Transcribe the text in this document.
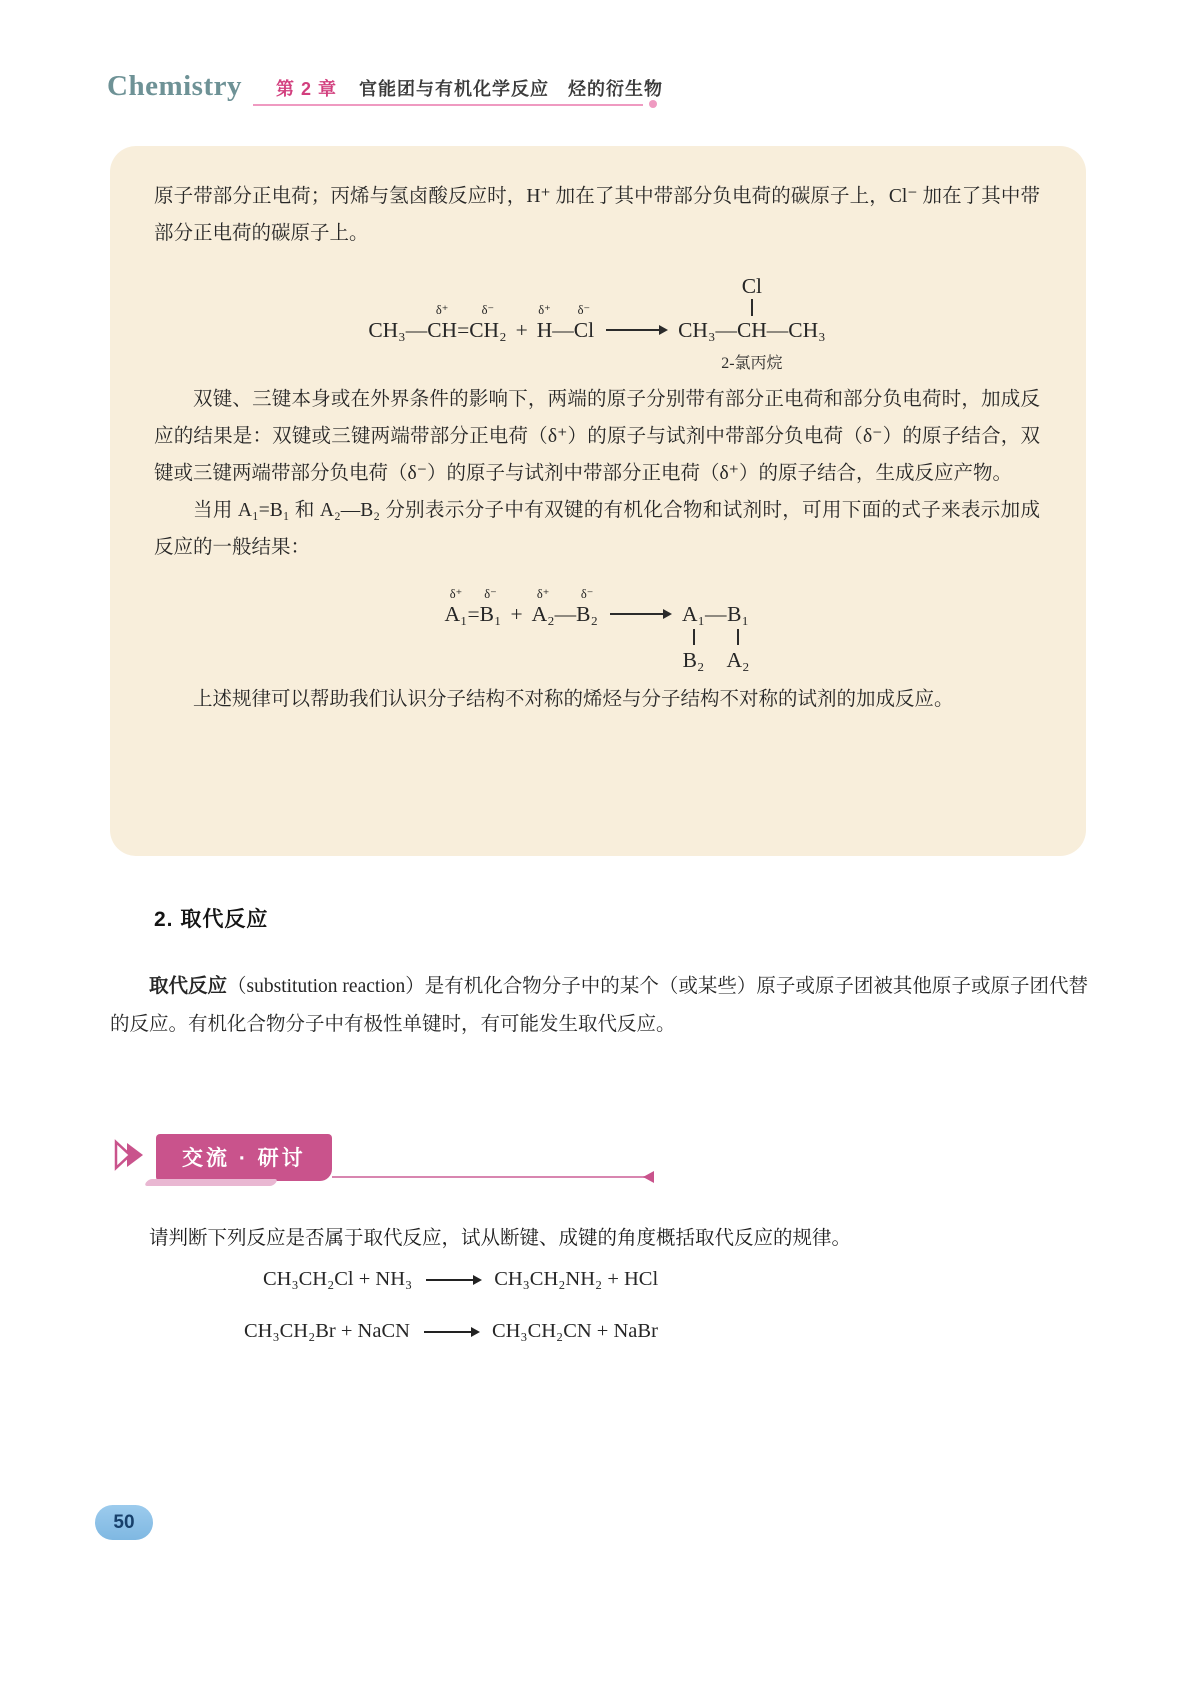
Chemistry 第 2 章 官能团与有机化学反应　烃的衍生物

原子带部分正电荷；丙烯与氢卤酸反应时，H⁺ 加在了其中带部分负电荷的碳原子上，Cl⁻ 加在了其中带部分正电荷的碳原子上。

CH₃ —
δ⁺
CH =
δ⁻
CH₂ +
δ⁺
H —
δ⁻
Cl
Cl
CH₃—CH—CH₃
2-氯丙烷

双键、三键本身或在外界条件的影响下，两端的原子分别带有部分正电荷和部分负电荷时，加成反应的结果是：双键或三键两端带部分正电荷（δ⁺）的原子与试剂中带部分负电荷（δ⁻）的原子结合，双键或三键两端带部分负电荷（δ⁻）的原子与试剂中带部分正电荷（δ⁺）的原子结合，生成反应产物。

当用 A₁=B₁ 和 A₂—B₂ 分别表示分子中有双键的有机化合物和试剂时，可用下面的式子来表示加成反应的一般结果：

δ⁺
A₁ =
δ⁻
B₁ +
δ⁺
A₂ —
δ⁻
B₂ → A₁ — B₁
B₂ A₂

上述规律可以帮助我们认识分子结构不对称的烯烃与分子结构不对称的试剂的加成反应。

2. 取代反应

取代反应（substitution reaction）是有机化合物分子中的某个（或某些）原子或原子团被其他原子或原子团代替的反应。有机化合物分子中有极性单键时，有可能发生取代反应。

交流 · 研讨

请判断下列反应是否属于取代反应，试从断键、成键的角度概括取代反应的规律。

CH₃CH₂Cl + NH₃	CH₃CH₂NH₂ + HCl
CH₃CH₂Br + NaCN	CH₃CH₂CN + NaBr
50
